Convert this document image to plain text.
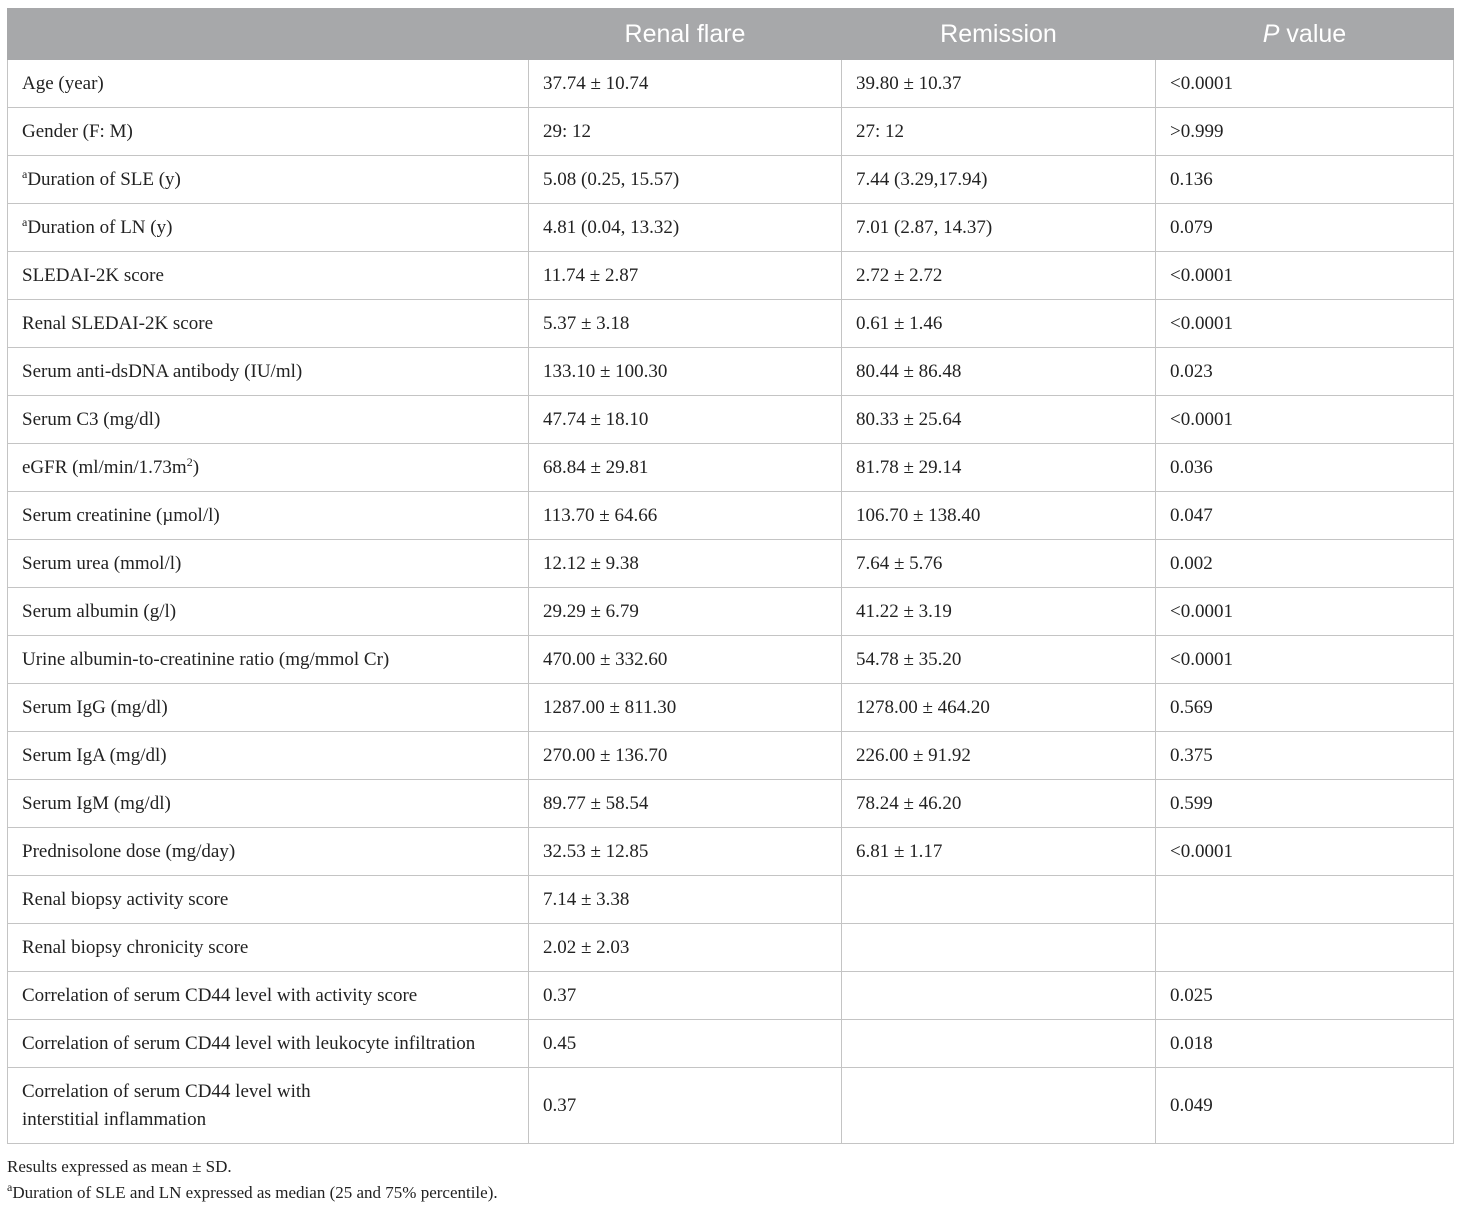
	Renal flare	Remission	P value
Age (year)	37.74 ± 10.74	39.80 ± 10.37	<0.0001
Gender (F: M)	29: 12	27: 12	>0.999
$^a$Duration of SLE (y)	5.08 (0.25, 15.57)	7.44 (3.29,17.94)	0.136
$^a$Duration of LN (y)	4.81 (0.04, 13.32)	7.01 (2.87, 14.37)	0.079
SLEDAI-2K score	11.74 ± 2.87	2.72 ± 2.72	<0.0001
Renal SLEDAI-2K score	5.37 ± 3.18	0.61 ± 1.46	<0.0001
Serum anti-dsDNA antibody (IU/ml)	133.10 ± 100.30	80.44 ± 86.48	0.023
Serum C3 (mg/dl)	47.74 ± 18.10	80.33 ± 25.64	<0.0001
eGFR $(ml/\min/1.73m^2)$	68.84 ± 29.81	81.78 ± 29.14	0.036
Serum creatinine (µmol/l)	113.70 ± 64.66	106.70 ± 138.40	0.047
Serum urea (mmol/l)	12.12 ± 9.38	7.64 ± 5.76	0.002
Serum albumin (g/l)	29.29 ± 6.79	41.22 ± 3.19	<0.0001
Urine albumin-to-creatinine ratio (mg/mmol Cr)	470.00 ± 332.60	54.78 ± 35.20	<0.0001
Serum IgG (mg/dl)	1287.00 ± 811.30	1278.00 ± 464.20	0.569
Serum IgA (mg/dl)	270.00 ± 136.70	226.00 ± 91.92	0.375
Serum IgM (mg/dl)	89.77 ± 58.54	78.24 ± 46.20	0.599
Prednisolone dose (mg/day)	32.53 ± 12.85	6.81 ± 1.17	<0.0001
Renal biopsy activity score	7.14 ± 3.38		
Renal biopsy chronicity score	2.02 ± 2.03		
Correlation of serum CD44 level with activity score	0.37		0.025
Correlation of serum CD44 level with leukocyte infiltration	0.45		0.018
Correlation of serum CD44 level with
interstitial inflammation	0.37		0.049
Results expressed as mean ± SD.
$^a$Duration of SLE and LN expressed as median (25 and 75% percentile).
